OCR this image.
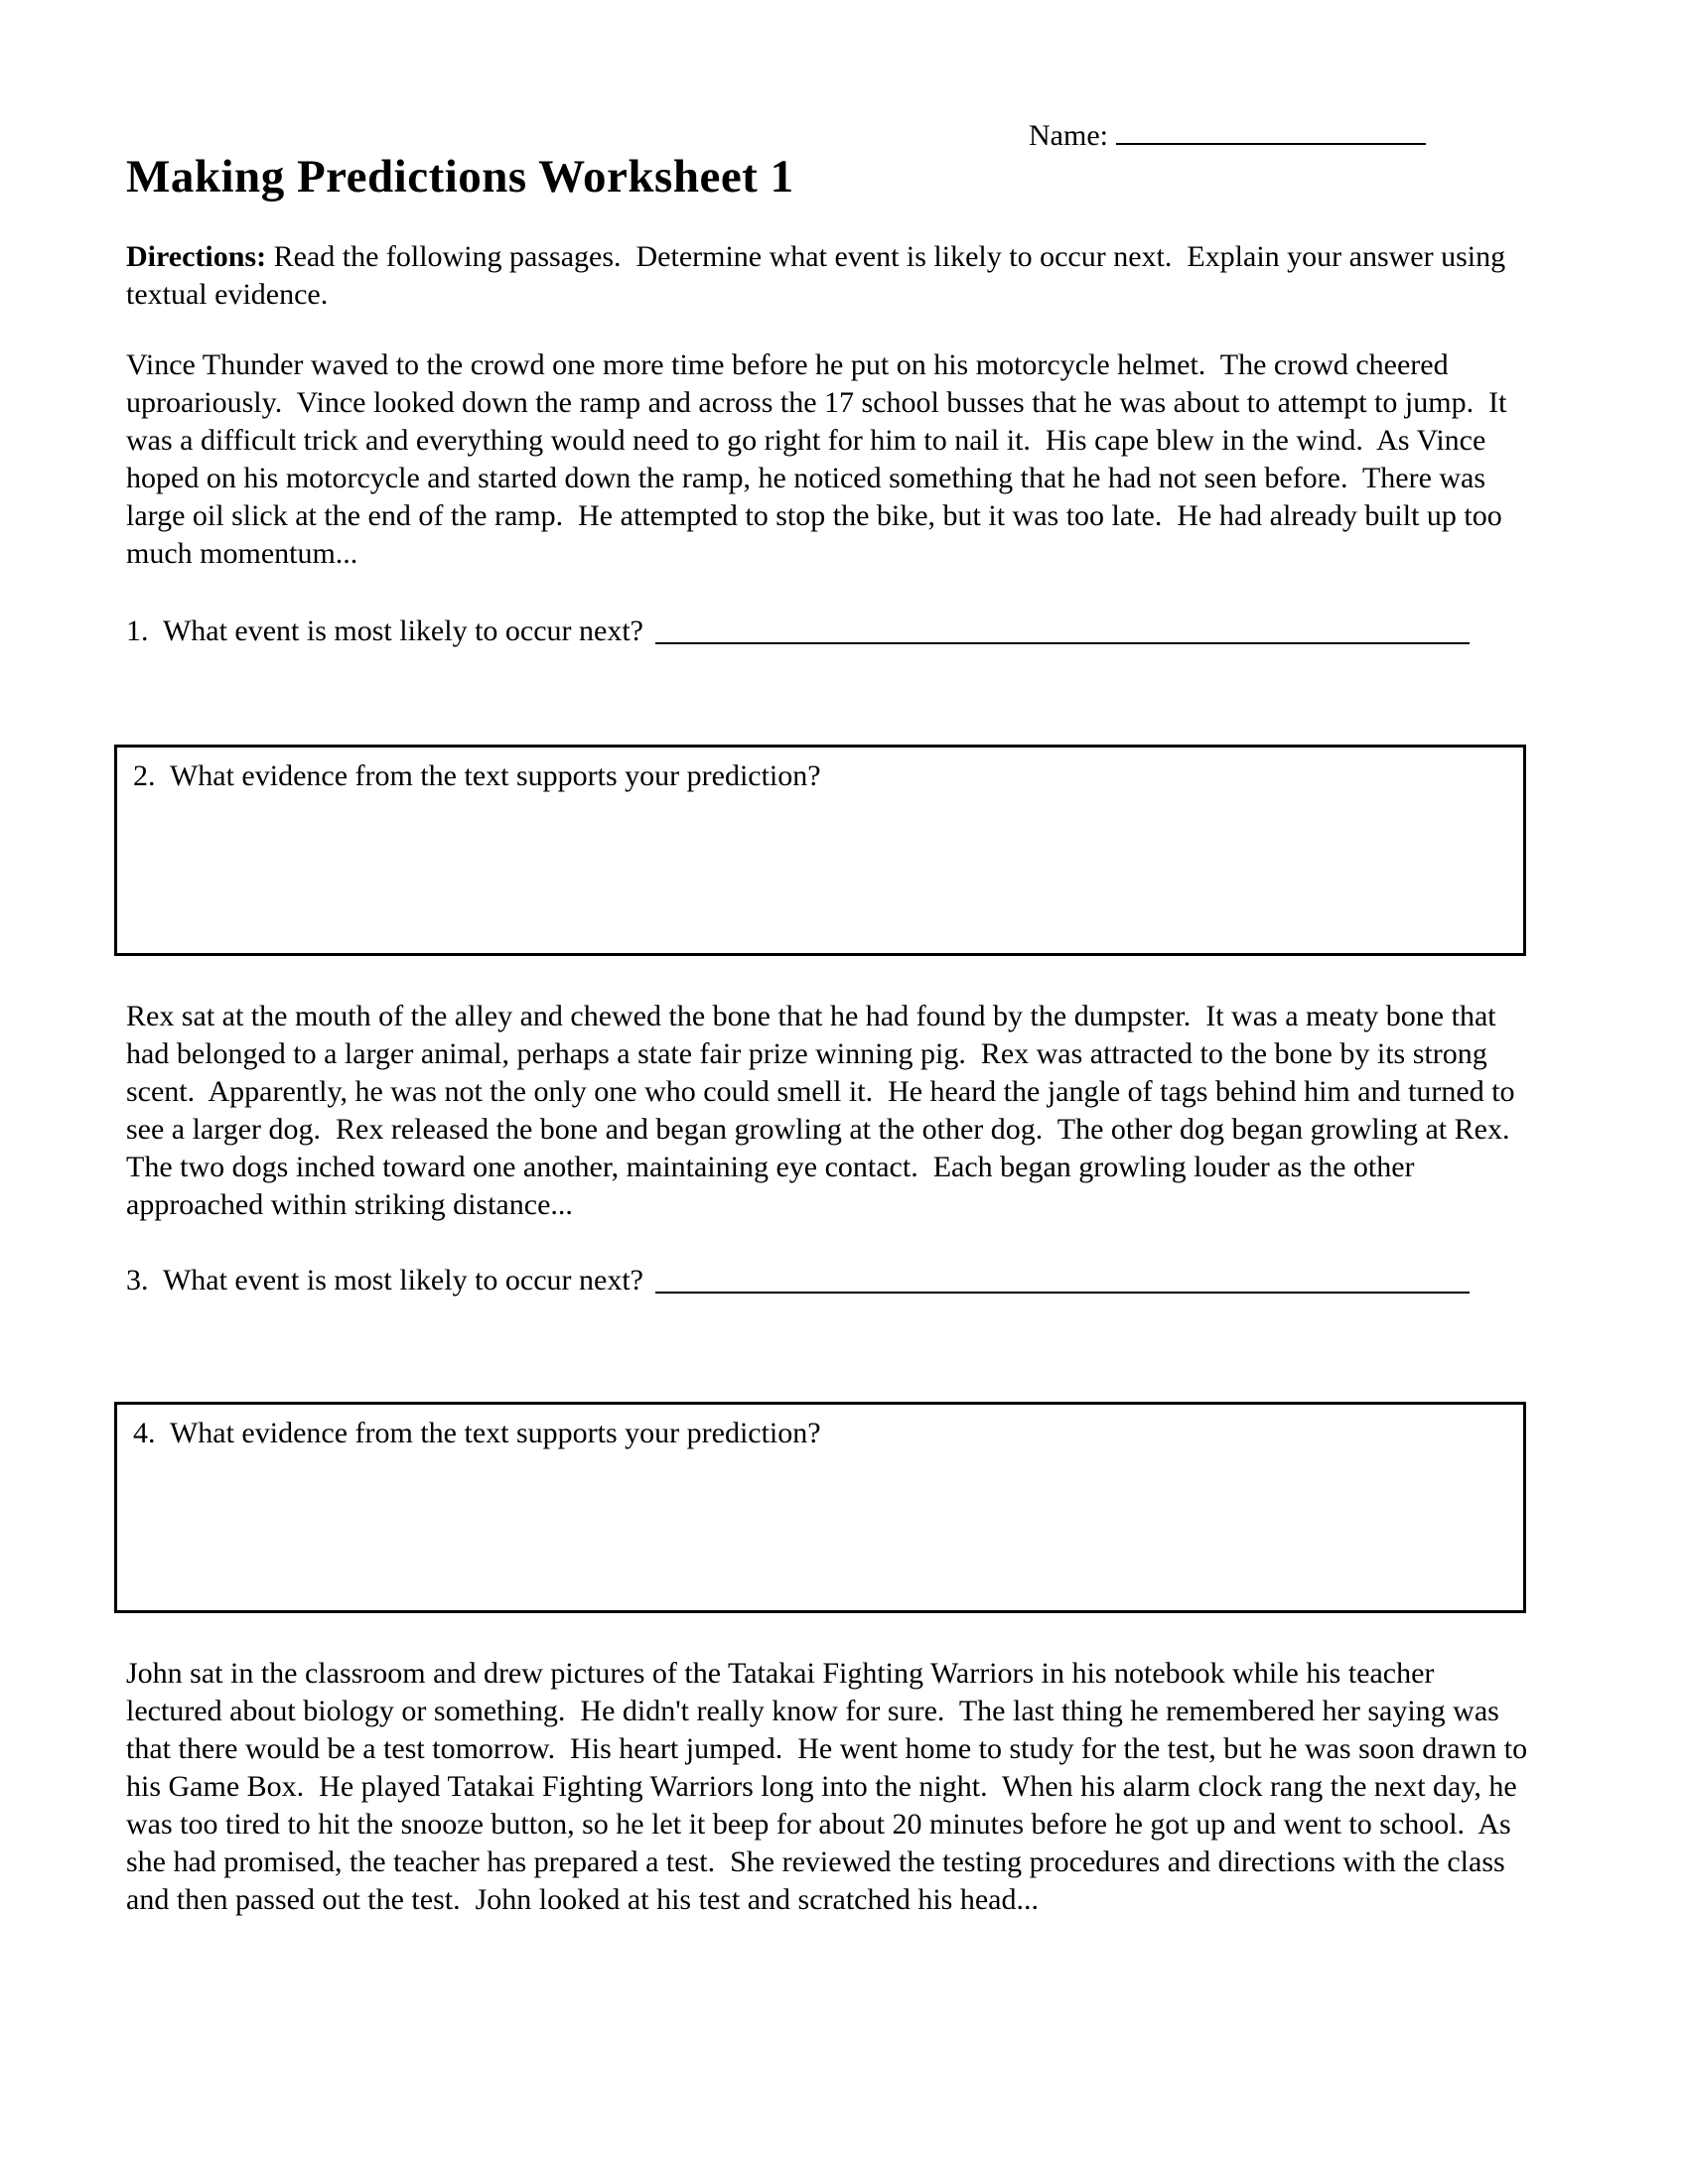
Name:
Making Predictions Worksheet 1

Directions: Read the following passages.  Determine what event is likely to occur next.  Explain your answer using textual evidence.

Vince Thunder waved to the crowd one more time before he put on his motorcycle helmet.  The crowd cheered uproariously.  Vince looked down the ramp and across the 17 school busses that he was about to attempt to jump.  It was a difficult trick and everything would need to go right for him to nail it.  His cape blew in the wind.  As Vince hoped on his motorcycle and started down the ramp, he noticed something that he had not seen before.  There was large oil slick at the end of the ramp.  He attempted to stop the bike, but it was too late.  He had already built up too much momentum...

1.  What event is most likely to occur next?
2.  What evidence from the text supports your prediction?

Rex sat at the mouth of the alley and chewed the bone that he had found by the dumpster.  It was a meaty bone that had belonged to a larger animal, perhaps a state fair prize winning pig.  Rex was attracted to the bone by its strong scent.  Apparently, he was not the only one who could smell it.  He heard the jangle of tags behind him and turned to see a larger dog.  Rex released the bone and began growling at the other dog.  The other dog began growling at Rex.  The two dogs inched toward one another, maintaining eye contact.  Each began growling louder as the other approached within striking distance...

3.  What event is most likely to occur next?
4.  What evidence from the text supports your prediction?

John sat in the classroom and drew pictures of the Tatakai Fighting Warriors in his notebook while his teacher lectured about biology or something.  He didn't really know for sure.  The last thing he remembered her saying was that there would be a test tomorrow.  His heart jumped.  He went home to study for the test, but he was soon drawn to his Game Box.  He played Tatakai Fighting Warriors long into the night.  When his alarm clock rang the next day, he was too tired to hit the snooze button, so he let it beep for about 20 minutes before he got up and went to school.  As she had promised, the teacher has prepared a test.  She reviewed the testing procedures and directions with the class and then passed out the test.  John looked at his test and scratched his head...
